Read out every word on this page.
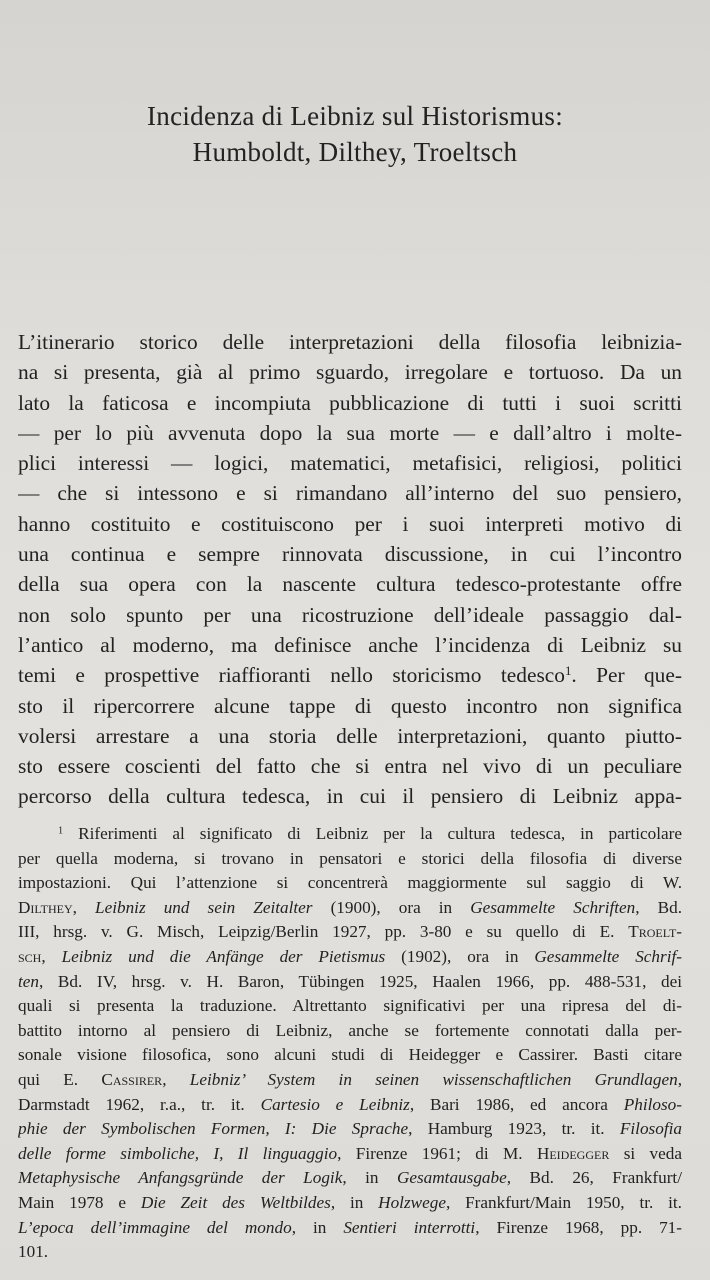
Incidenza di Leibniz sul Historismus:
Humboldt, Dilthey, Troeltsch
L’itinerario storico delle interpretazioni della filosofia leibnizia-
na si presenta, già al primo sguardo, irregolare e tortuoso. Da un
lato la faticosa e incompiuta pubblicazione di tutti i suoi scritti
— per lo più avvenuta dopo la sua morte — e dall’altro i molte-
plici interessi — logici, matematici, metafisici, religiosi, politici
— che si intessono e si rimandano all’interno del suo pensiero,
hanno costituito e costituiscono per i suoi interpreti motivo di
una continua e sempre rinnovata discussione, in cui l’incontro
della sua opera con la nascente cultura tedesco-protestante offre
non solo spunto per una ricostruzione dell’ideale passaggio dal-
l’antico al moderno, ma definisce anche l’incidenza di Leibniz su
temi e prospettive riaffioranti nello storicismo tedesco$^1$. Per que-
sto il ripercorrere alcune tappe di questo incontro non significa
volersi arrestare a una storia delle interpretazioni, quanto piutto-
sto essere coscienti del fatto che si entra nel vivo di un peculiare
percorso della cultura tedesca, in cui il pensiero di Leibniz appa-
$^1$ Riferimenti al significato di Leibniz per la cultura tedesca, in particolare
per quella moderna, si trovano in pensatori e storici della filosofia di diverse
impostazioni. Qui l’attenzione si concentrerà maggiormente sul saggio di W.
Dilthey, Leibniz und sein Zeitalter (1900), ora in Gesammelte Schriften, Bd.
III, hrsg. v. G. Misch, Leipzig/Berlin 1927, pp. 3-80 e su quello di E. Troelt-
sch, Leibniz und die Anfänge der Pietismus (1902), ora in Gesammelte Schrif-
ten, Bd. IV, hrsg. v. H. Baron, Tübingen 1925, Haalen 1966, pp. 488-531, dei
quali si presenta la traduzione. Altrettanto significativi per una ripresa del di-
battito intorno al pensiero di Leibniz, anche se fortemente connotati dalla per-
sonale visione filosofica, sono alcuni studi di Heidegger e Cassirer. Basti citare
qui E. Cassirer, Leibniz’ System in seinen wissenschaftlichen Grundlagen,
Darmstadt 1962, r.a., tr. it. Cartesio e Leibniz, Bari 1986, ed ancora Philoso-
phie der Symbolischen Formen, I: Die Sprache, Hamburg 1923, tr. it. Filosofia
delle forme simboliche, I, Il linguaggio, Firenze 1961; di M. Heidegger si veda
Metaphysische Anfangsgründe der Logik, in Gesamtausgabe, Bd. 26, Frankfurt/
Main 1978 e Die Zeit des Weltbildes, in Holzwege, Frankfurt/Main 1950, tr. it.
L’epoca dell’immagine del mondo, in Sentieri interrotti, Firenze 1968, pp. 71-
101.
